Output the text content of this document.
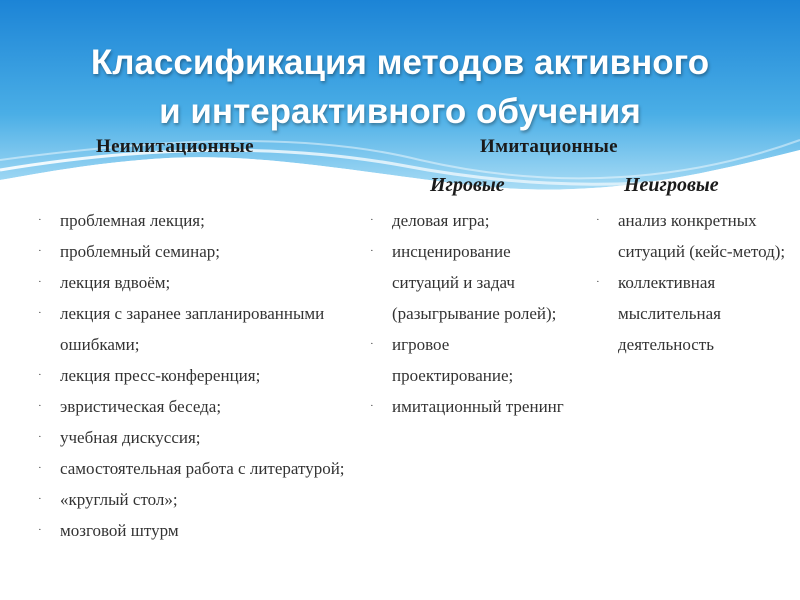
Классификация методов активного
и интерактивного обучения
Неимитационные	Имитационные
Игровые	Неигровые
· проблемная лекция;
· проблемный семинар;
· лекция вдвоём;
· лекция с заранее запланированными ошибками;
· лекция пресс-конференция;
· эвристическая беседа;
· учебная дискуссия;
· самостоятельная работа с литературой;
· «круглый стол»;
· мозговой штурм
· деловая игра;
· инсценирование ситуаций и задач (разыгрывание ролей);
· игровое проектирование;
· имитационный тренинг
· анализ конкретных ситуаций (кейс-метод);
· коллективная мыслительная деятельность
